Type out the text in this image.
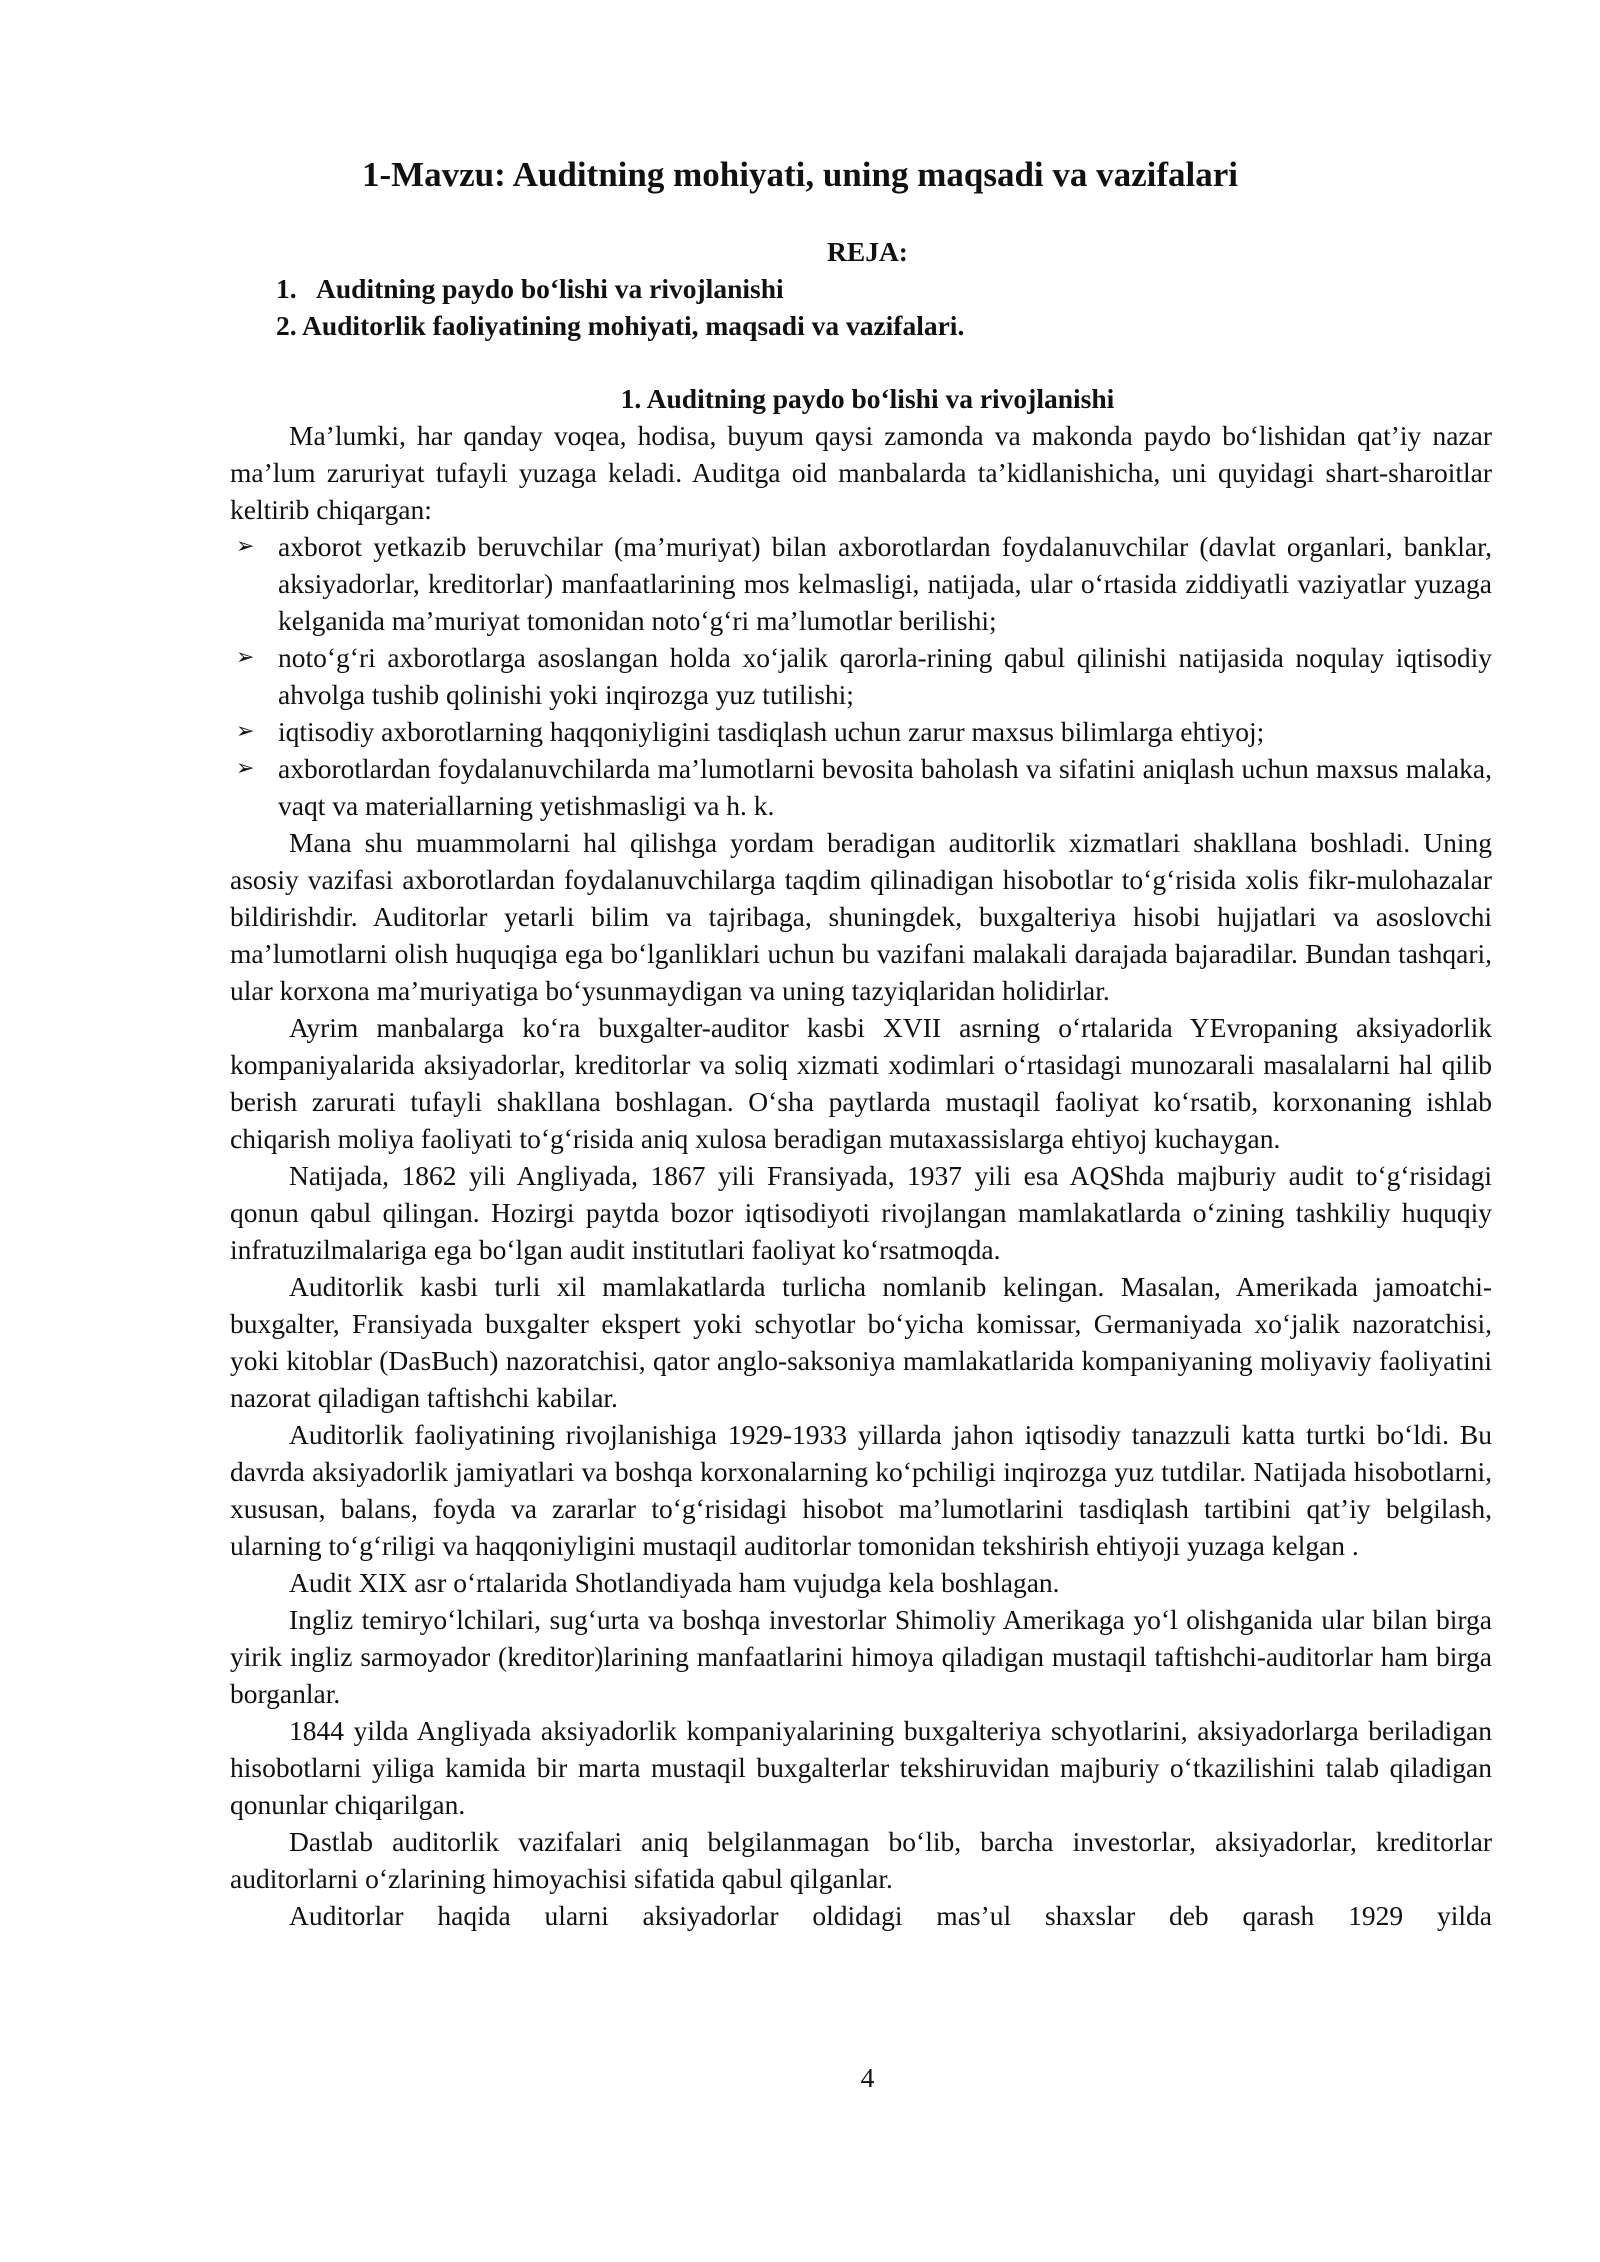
1-Mavzu: Auditning mohiyati, uning maqsadi va vazifalari
REJA:
1. Auditning paydo bo‘lishi va rivojlanishi
2. Auditorlik faoliyatining mohiyati, maqsadi va vazifalari.
1. Auditning paydo bo‘lishi va rivojlanishi

Ma’lumki, har qanday voqea, hodisa, buyum qaysi zamonda va makonda paydo bo‘lishidan qat’iy nazar ma’lum zaruriyat tufayli yuzaga keladi. Auditga oid manbalarda ta’kidlanishicha, uni quyidagi shart-sharoitlar keltirib chiqargan:

➢ axborot yetkazib beruvchilar (ma’muriyat) bilan axborotlardan foydalanuvchilar (davlat organlari, banklar, aksiyadorlar, kreditorlar) manfaatlarining mos kelmasligi, natijada, ular o‘rtasida ziddiyatli vaziyatlar yuzaga kelganida ma’muriyat tomonidan noto‘g‘ri ma’lumotlar berilishi;
➢ noto‘g‘ri axborotlarga asoslangan holda xo‘jalik qarorla-rining qabul qilinishi natijasida noqulay iqtisodiy ahvolga tushib qolinishi yoki inqirozga yuz tutilishi;
➢ iqtisodiy axborotlarning haqqoniyligini tasdiqlash uchun zarur maxsus bilimlarga ehtiyoj;
➢ axborotlardan foydalanuvchilarda ma’lumotlarni bevosita baholash va sifatini aniqlash uchun maxsus malaka, vaqt va materiallarning yetishmasligi va h. k.

Mana shu muammolarni hal qilishga yordam beradigan auditorlik xizmatlari shakllana boshladi. Uning asosiy vazifasi axborotlardan foydalanuvchilarga taqdim qilinadigan hisobotlar to‘g‘risida xolis fikr-mulohazalar bildirishdir. Auditorlar yetarli bilim va tajribaga, shuningdek, buxgalteriya hisobi hujjatlari va asoslovchi ma’lumotlarni olish huquqiga ega bo‘lganliklari uchun bu vazifani malakali darajada bajaradilar. Bundan tashqari, ular korxona ma’muriyatiga bo‘ysunmaydigan va uning tazyiqlaridan holidirlar.

Ayrim manbalarga ko‘ra buxgalter-auditor kasbi XVII asrning o‘rtalarida YEvropaning aksiyadorlik kompaniyalarida aksiyadorlar, kreditorlar va soliq xizmati xodimlari o‘rtasidagi munozarali masalalarni hal qilib berish zarurati tufayli shakllana boshlagan. O‘sha paytlarda mustaqil faoliyat ko‘rsatib, korxonaning ishlab chiqarish moliya faoliyati to‘g‘risida aniq xulosa beradigan mutaxassislarga ehtiyoj kuchaygan.

Natijada, 1862 yili Angliyada, 1867 yili Fransiyada, 1937 yili esa AQShda majburiy audit to‘g‘risidagi qonun qabul qilingan. Hozirgi paytda bozor iqtisodiyoti rivojlangan mamlakatlarda o‘zining tashkiliy huquqiy infratuzilmalariga ega bo‘lgan audit institutlari faoliyat ko‘rsatmoqda.

Auditorlik kasbi turli xil mamlakatlarda turlicha nomlanib kelingan. Masalan, Amerikada jamoatchi-buxgalter, Fransiyada buxgalter ekspert yoki schyotlar bo‘yicha komissar, Germaniyada xo‘jalik nazoratchisi, yoki kitoblar (DasBuch) nazoratchisi, qator anglo-saksoniya mamlakatlarida kompaniyaning moliyaviy faoliyatini nazorat qiladigan taftishchi kabilar.

Auditorlik faoliyatining rivojlanishiga 1929-1933 yillarda jahon iqtisodiy tanazzuli katta turtki bo‘ldi. Bu davrda aksiyadorlik jamiyatlari va boshqa korxonalarning ko‘pchiligi inqirozga yuz tutdilar. Natijada hisobotlarni, xususan, balans, foyda va zararlar to‘g‘risidagi hisobot ma’lumotlarini tasdiqlash tartibini qat’iy belgilash, ularning to‘g‘riligi va haqqoniyligini mustaqil auditorlar tomonidan tekshirish ehtiyoji yuzaga kelgan .

Audit XIX asr o‘rtalarida Shotlandiyada ham vujudga kela boshlagan.

Ingliz temiryo‘lchilari, sug‘urta va boshqa investorlar Shimoliy Amerikaga yo‘l olishganida ular bilan birga yirik ingliz sarmoyador (kreditor)larining manfaatlarini himoya qiladigan mustaqil taftishchi-auditorlar ham birga borganlar.

1844 yilda Angliyada aksiyadorlik kompaniyalarining buxgalteriya schyotlarini, aksiyadorlarga beriladigan hisobotlarni yiliga kamida bir marta mustaqil buxgalterlar tekshiruvidan majburiy o‘tkazilishini talab qiladigan qonunlar chiqarilgan.

Dastlab auditorlik vazifalari aniq belgilanmagan bo‘lib, barcha investorlar, aksiyadorlar, kreditorlar auditorlarni o‘zlarining himoyachisi sifatida qabul qilganlar.

Auditorlar haqida ularni aksiyadorlar oldidagi mas’ul shaxslar deb qarash 1929 yilda

4
